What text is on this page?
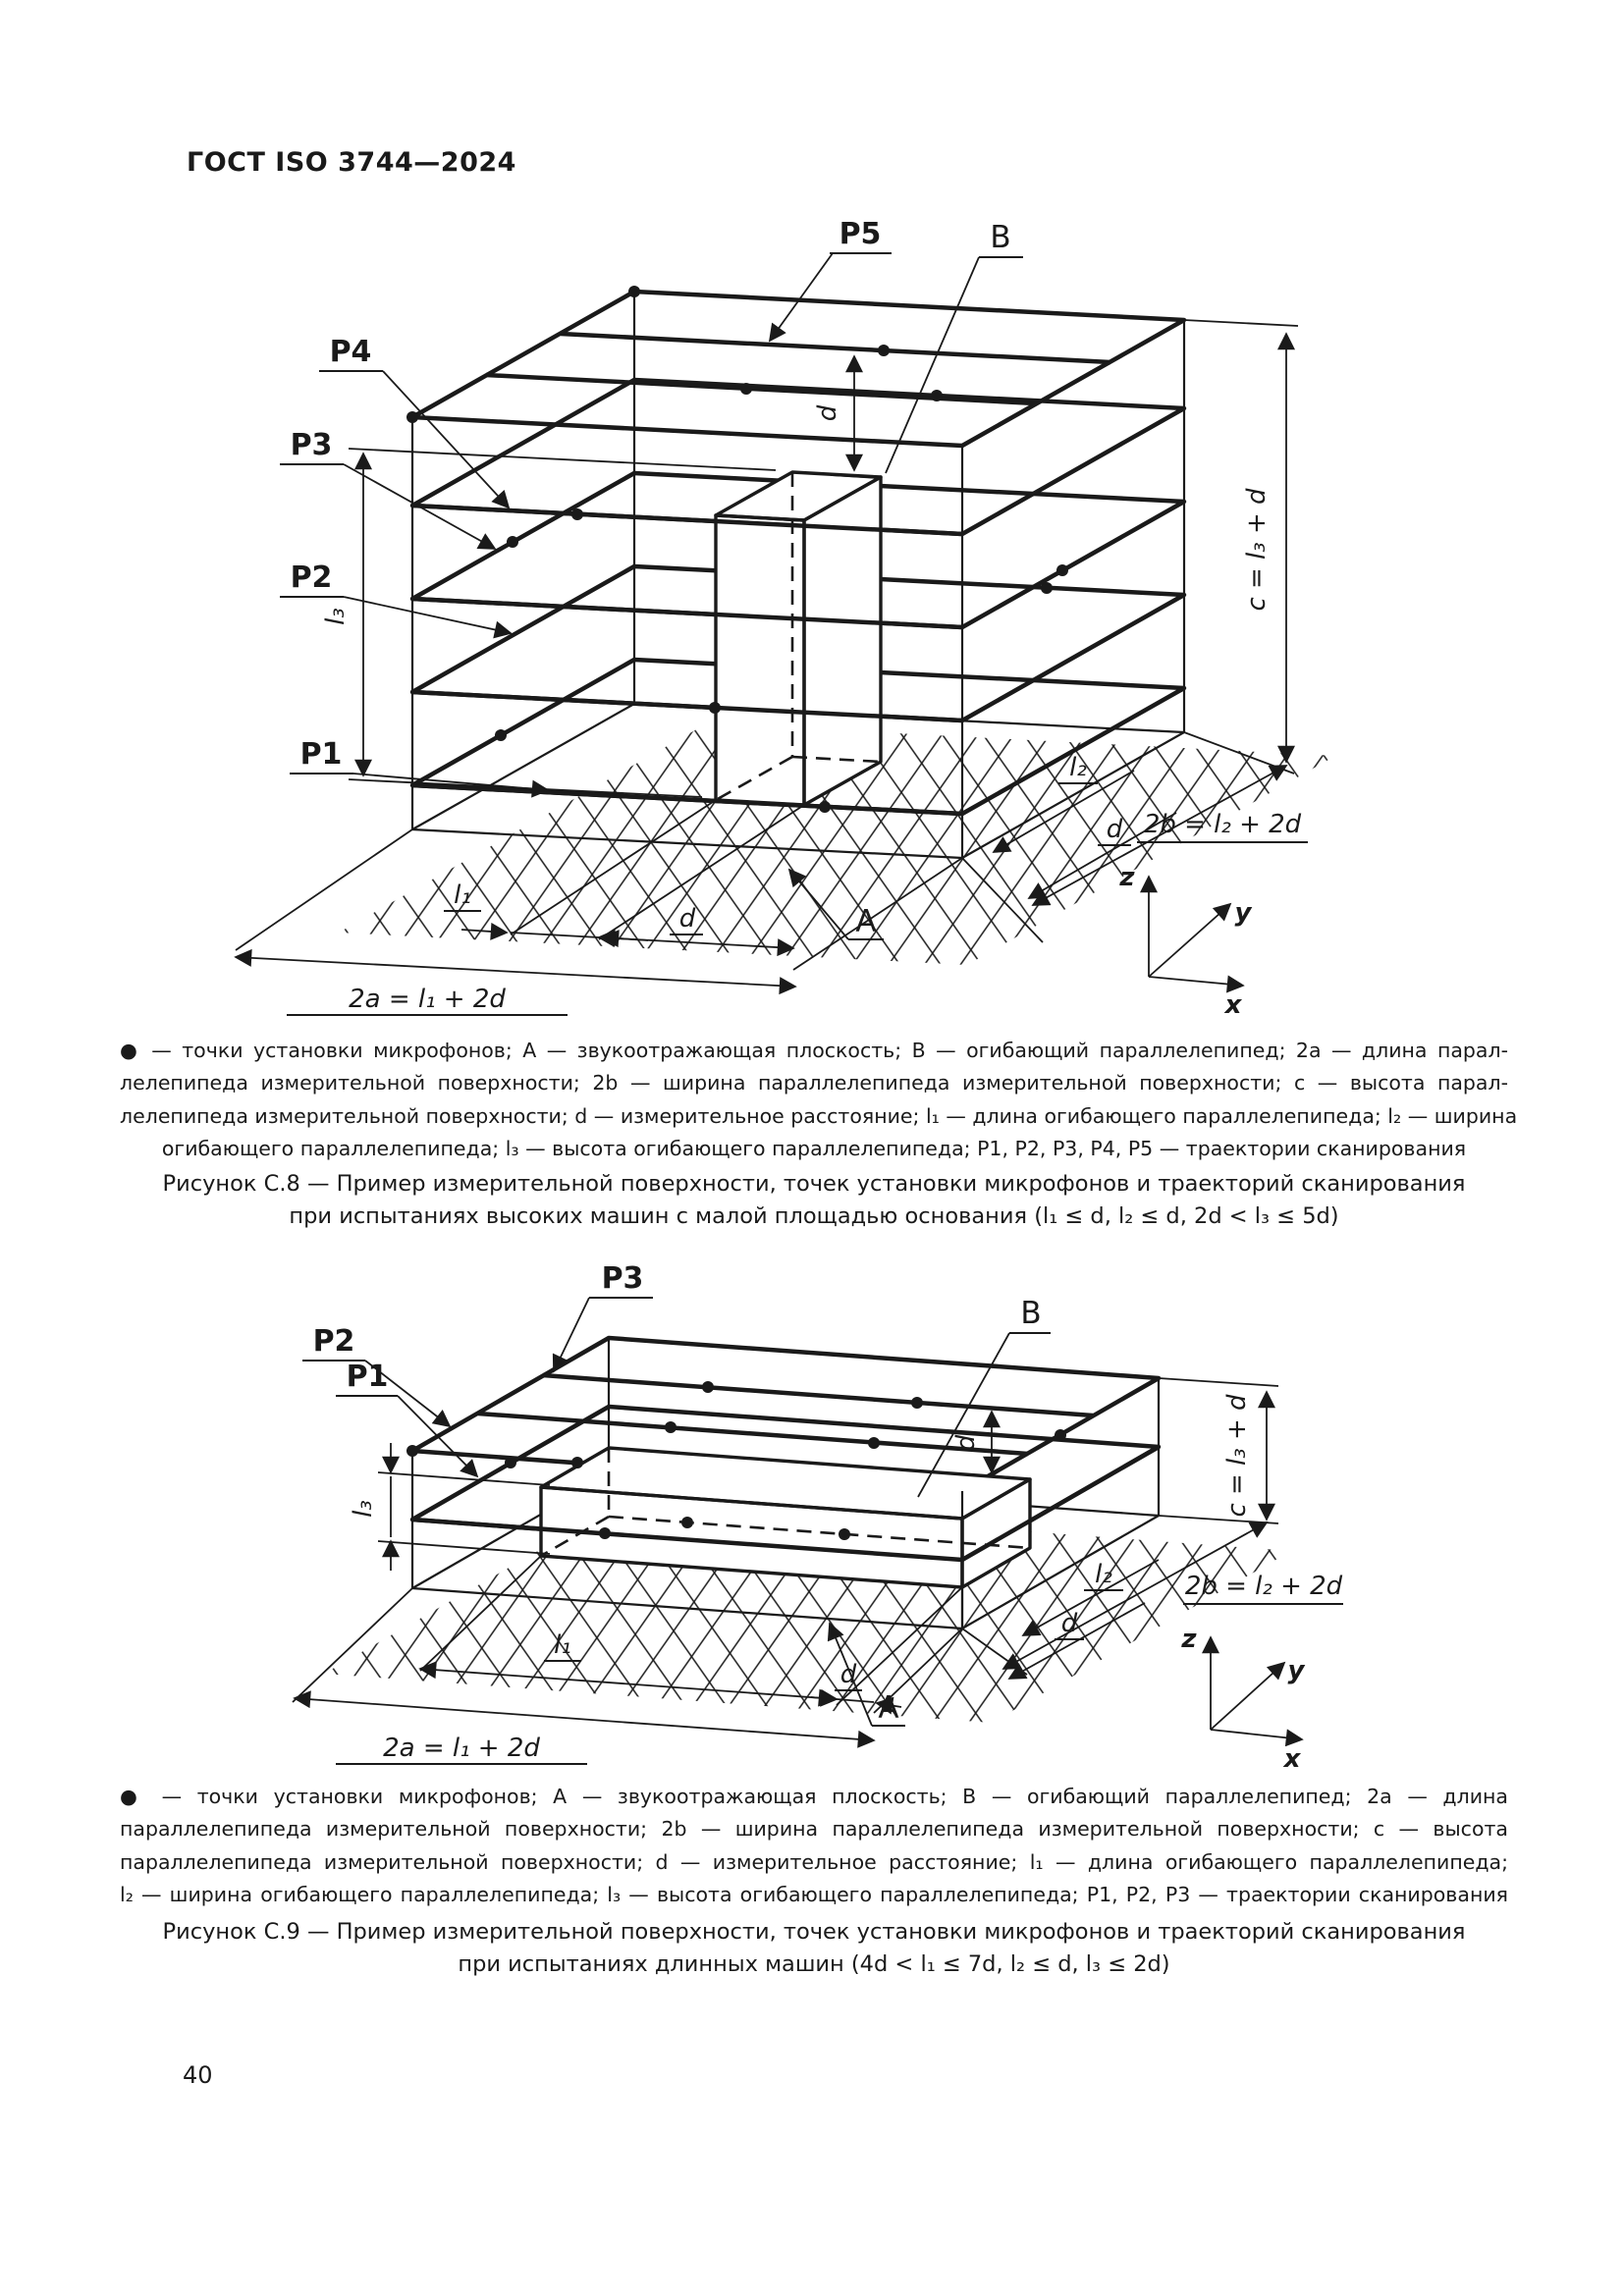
ГОСТ ISO 3744—2024
P5	B
P4
P3
P2
P1
d
l₃
c = l₃ + d
l₂
d 2b = l₂ + 2d
l₁
d
2a = l₁ + 2d
A
z
y
x
● — точки установки микрофонов; А — звукоотражающая плоскость; В — огибающий параллелепипед; 2а — длина парал-
лелепипеда измерительной поверхности; 2b — ширина параллелепипеда измерительной поверхности; с — высота парал-
лелепипеда измерительной поверхности; d — измерительное расстояние; l₁ — длина огибающего параллелепипеда; l₂ — ширина
огибающего параллелепипеда; l₃ — высота огибающего параллелепипеда; P1, P2, P3, P4, P5 — траектории сканирования
Рисунок С.8 — Пример измерительной поверхности, точек установки микрофонов и траекторий сканирования
при испытаниях высоких машин с малой площадью основания (l₁ ≤ d, l₂ ≤ d, 2d < l₃ ≤ 5d)
P3
P2
P1
B
l₃
d	c = l₃ + d
l₂
d
2b = l₂ + 2d
l₁
d
2a = l₁ + 2d
A
z
y
x
● — точки установки микрофонов; А — звукоотражающая плоскость; В — огибающий параллелепипед; 2а — длина
параллелепипеда измерительной поверхности; 2b — ширина параллелепипеда измерительной поверхности; с — высота
параллелепипеда измерительной поверхности; d — измерительное расстояние; l₁ — длина огибающего параллелепипеда;
l₂ — ширина огибающего параллелепипеда; l₃ — высота огибающего параллелепипеда; P1, P2, P3 — траектории сканирования
Рисунок С.9 — Пример измерительной поверхности, точек установки микрофонов и траекторий сканирования
при испытаниях длинных машин (4d < l₁ ≤ 7d, l₂ ≤ d, l₃ ≤ 2d)
40
